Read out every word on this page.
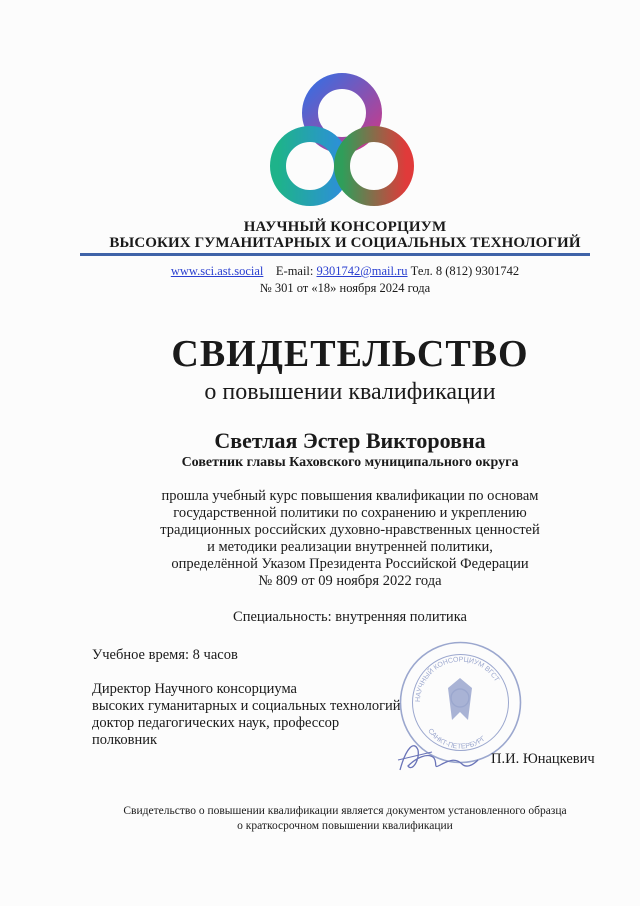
НАУЧНЫЙ КОНСОРЦИУМ
ВЫСОКИХ ГУМАНИТАРНЫХ И СОЦИАЛЬНЫХ ТЕХНОЛОГИЙ
www.sci.ast.social E-mail: 9301742@mail.ru Тел. 8 (812) 9301742
№ 301 от «18» ноября 2024 года
СВИДЕТЕЛЬСТВО
о повышении квалификации
Светлая Эстер Викторовна
Советник главы Каховского муниципального округа
прошла учебный курс повышения квалификации по основам
государственной политики по сохранению и укреплению
традиционных российских духовно-нравственных ценностей
и методики реализации внутренней политики,
определённой Указом Президента Российской Федерации
№ 809 от 09 ноября 2022 года
Специальность: внутренняя политика
Учебное время: 8 часов
Директор Научного консорциума
высоких гуманитарных и социальных технологий
доктор педагогических наук, профессор
полковник
НАУЧНЫЙ КОНСОРЦИУМ ВГСТ
САНКТ-ПЕТЕРБУРГ
П.И. Юнацкевич
Свидетельство о повышении квалификации является документом установленного образца
о краткосрочном повышении квалификации
